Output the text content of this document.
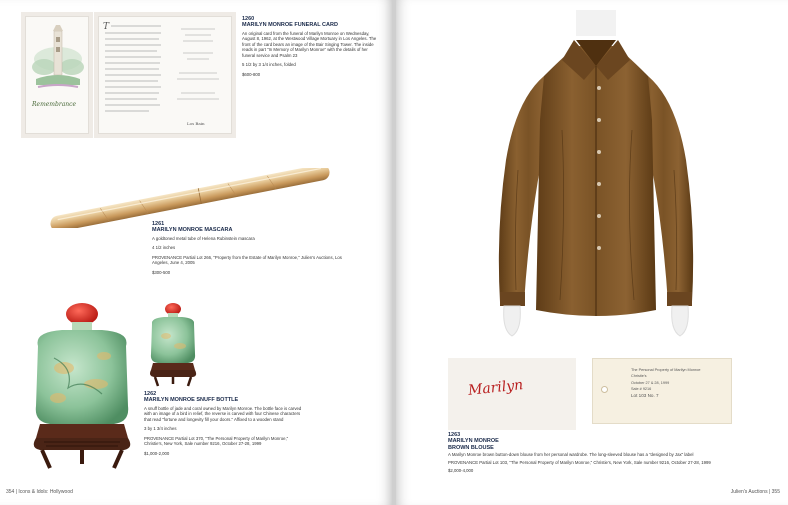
Remembrance
T
Los Bain
1260
MARILYN MONROE FUNERAL CARD
An original card from the funeral of Marilyn Monroe on Wednesday, August 8, 1962, at the Westwood Village Mortuary in Los Angeles. The front of the card bears an image of the Bair Singing Tower. The inside reads in part "In Memory of Marilyn Monroe" with the details of her funeral service and Psalm 23
5 1/2 by 3 1/4 inches, folded
$600-800
1261
MARILYN MONROE MASCARA
A goldtoned metal tube of Helena Rubinstein mascara
4 1/2 inches
PROVENANCE Partial Lot 266, "Property from the Estate of Marilyn Monroe," Julien's Auctions, Los Angeles, June 4, 2005
$300-500
1262
MARILYN MONROE SNUFF BOTTLE
A snuff bottle of jade and coral owned by Marilyn Monroe. The bottle face is carved with an image of a bird in relief, the reverse is carved with four Chinese characters that read "fortune and longevity fill your doors." Affixed to a wooden stand
3 by 1 3/4 inches
PROVENANCE Partial Lot 370, "The Personal Property of Marilyn Monroe," Christie's, New York, Sale number 9216, October 27-28, 1999
$1,000-2,000
354 | Icons & Idols: Hollywood
Marilyn
The Personal Property of Marilyn Monroe
Christie's
October 27 & 28, 1999
Sale # 9216
Lot 103 No. 7
1263
MARILYN MONROE
BROWN BLOUSE
A Marilyn Monroe brown button-down blouse from her personal wardrobe. The long-sleeved blouse has a "designed by Jax" label
PROVENANCE Partial Lot 103, "The Personal Property of Marilyn Monroe," Christie's, New York, Sale number 9216, October 27-28, 1999
$2,000-4,000
Julien's Auctions | 355
